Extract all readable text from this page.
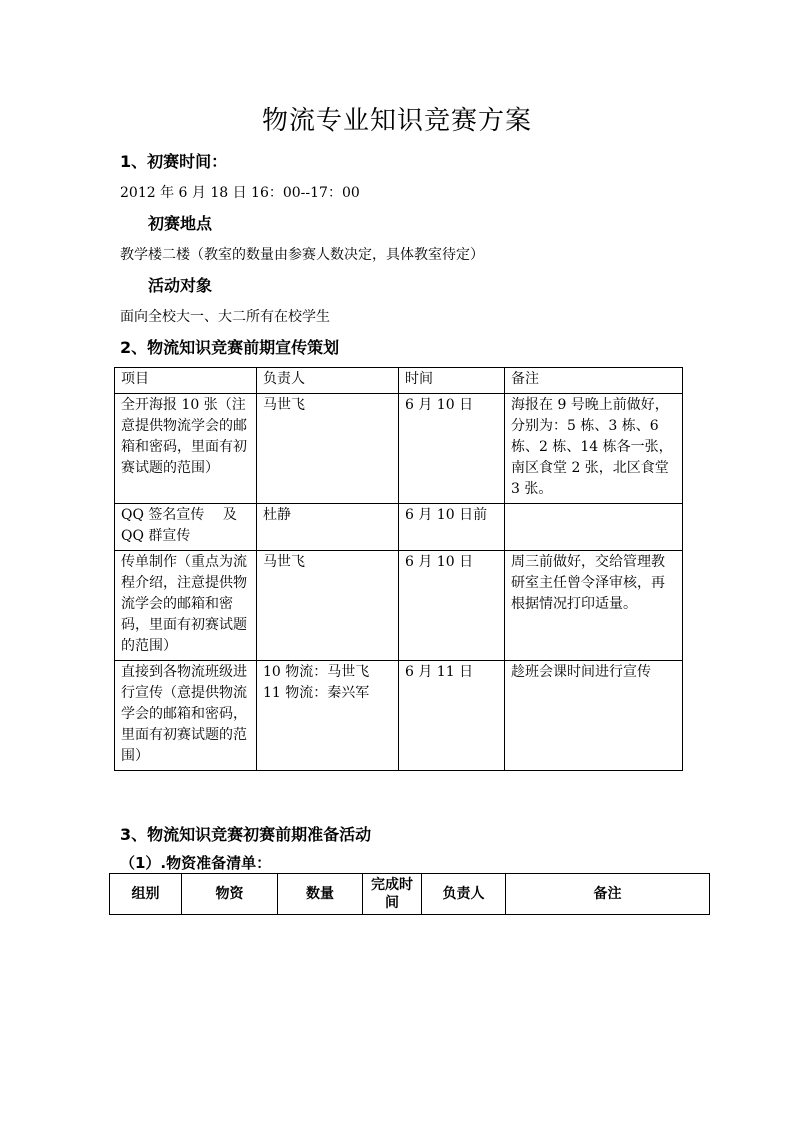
物流专业知识竞赛方案
1、初赛时间：
2012 年 6 月 18 日 16：00--17：00
初赛地点
教学楼二楼（教室的数量由参赛人数决定，具体教室待定）
活动对象
面向全校大一、大二所有在校学生
2、物流知识竞赛前期宣传策划
项目	负责人	时间	备注
全开海报 10 张（注意提供物流学会的邮箱和密码，里面有初赛试题的范围）	马世飞	6 月 10 日	海报在 9 号晚上前做好，分别为：5 栋、3 栋、6 栋、2 栋、14 栋各一张，南区食堂 2 张，北区食堂 3 张。
QQ 签名宣传　 及 QQ 群宣传	杜静	6 月 10 日前	
传单制作（重点为流程介绍，注意提供物流学会的邮箱和密码，里面有初赛试题的范围）	马世飞	6 月 10 日	周三前做好，交给管理教研室主任曾令泽审核，再根据情况打印适量。
直接到各物流班级进行宣传（意提供物流学会的邮箱和密码，里面有初赛试题的范围）	10 物流：马世飞
11 物流：秦兴军	6 月 11 日	趁班会课时间进行宣传
3、物流知识竞赛初赛前期准备活动
（1）.物资准备清单：
组别	物资	数量	完成时间	负责人	备注
